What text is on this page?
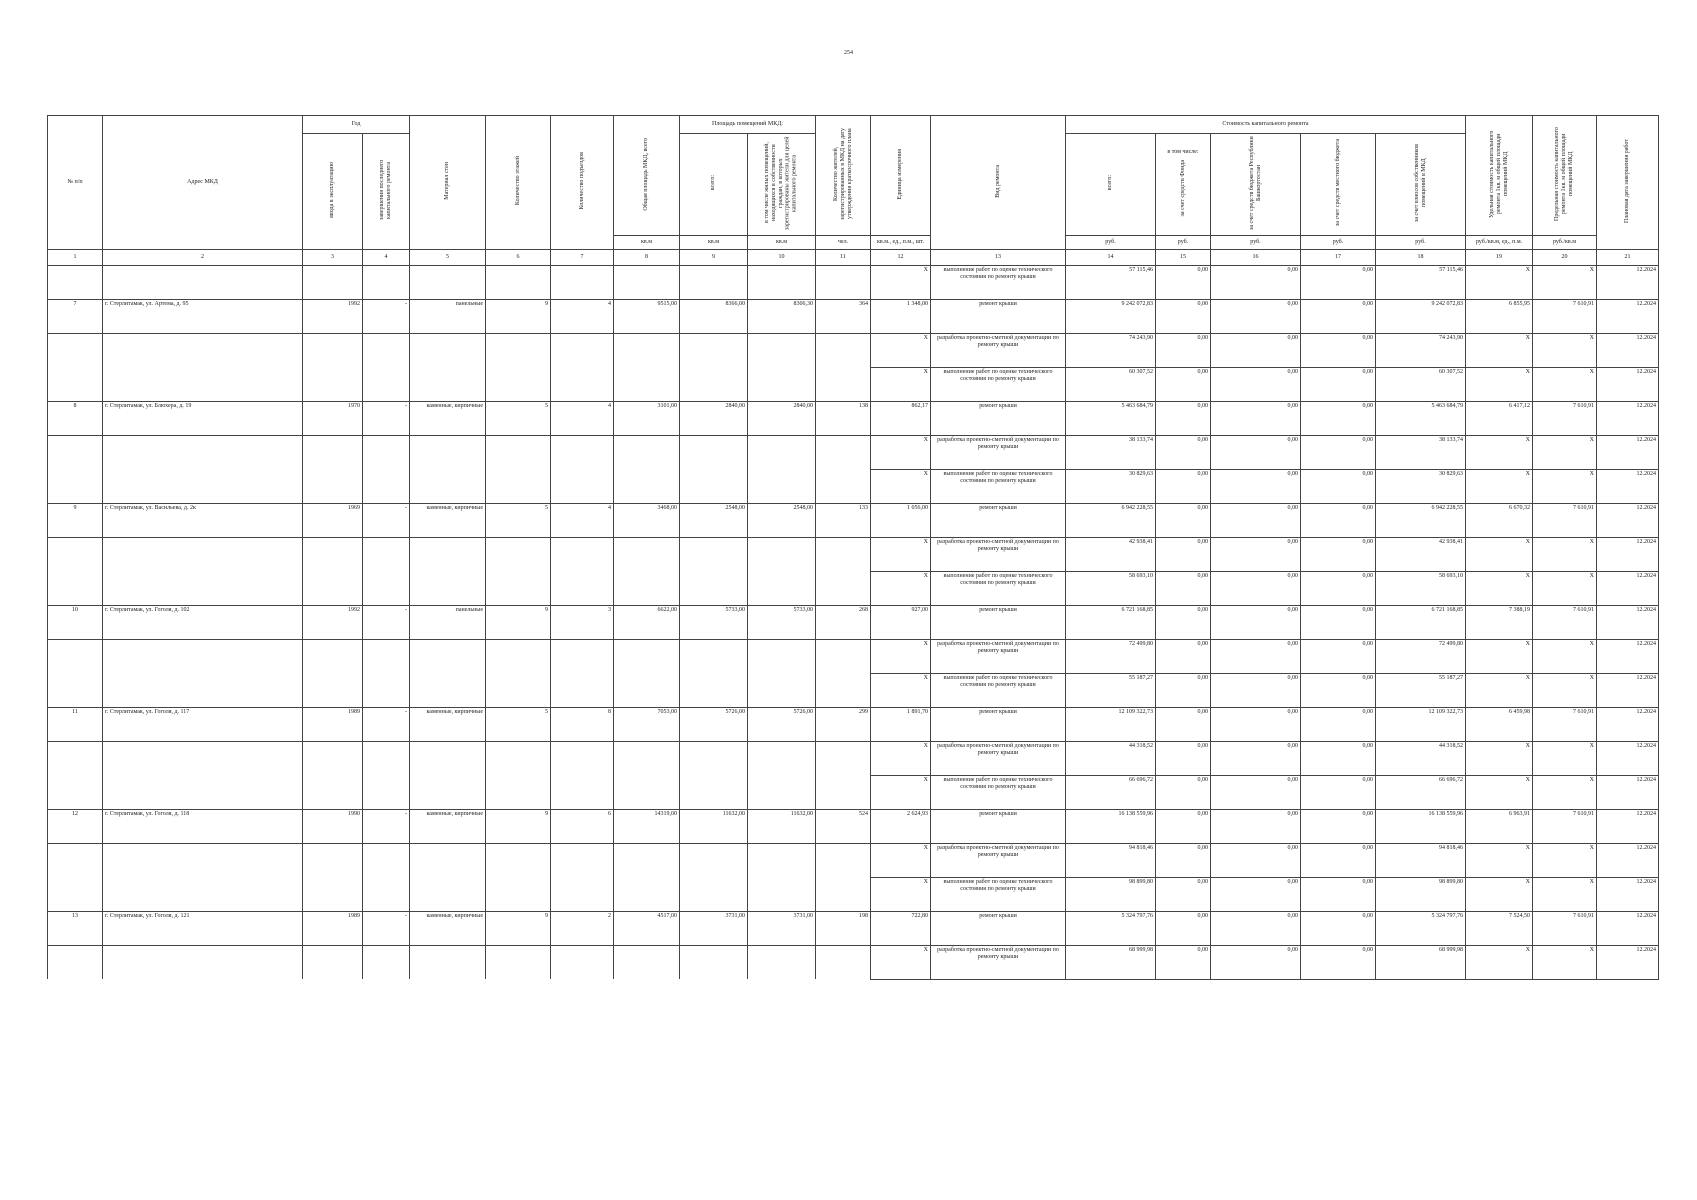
254
№ п/п	Адрес МКД	Год		Материал стен	Количество этажей	Количество подъездов	Общая площадь МКД, всего	Площадь помещений МКД:		Количество жителей, зарегистрированных в МКД на дату утверждения краткосрочного плана	Единица измерения	Вид ремонта	Стоимость капитального ремонта					Удельная стоимость капитального ремонта 1кв. м общей площади помещений МКД	Предельная стоимость капитального ремонта 1кв. м общей площади помещений МКД	Плановая дата завершения работ
		ввода в эксплуатацию	завершения последнего капитального ремонта					всего:	в том числе жилых помещений, находящихся в собственности граждан, в которых зарегистрированы жители для целей капитального ремонта				всего:	в том числе:
за счет средств Фонда	за счет средств бюджета Республики Башкортостан	за счет средств местного бюджета	за счет взносов собственников помещений в МКД			
							кв.м	кв.м	кв.м	чел.	кв.м., ед., п.м., шт.		руб.	руб.	руб.	руб.	руб.	руб./кв.м, ед., п.м.	руб./кв.м	
1	2	3	4	5	6	7	8	9	10	11	12	13	14	15	16	17	18	19	20	21
											X	выполнение работ по оценке технического состояния по ремонту крыши	57 115,46	0,00	0,00	0,00	57 115,46	X	X	12.2024
7	г. Стерлитамак, ул. Артема, д. 95	1992	-	панельные	9	4	9515,00	8366,00	8306,30	364	1 348,00	ремонт крыши	9 242 072,83	0,00	0,00	0,00	9 242 072,83	6 855,95	7 610,91	12.2024
											X	разработка проектно-сметной документации по ремонту крыши	74 243,90	0,00	0,00	0,00	74 243,90	X	X	12.2024
											X	выполнение работ по оценке технического состояния по ремонту крыши	60 307,52	0,00	0,00	0,00	60 307,52	X	X	12.2024
8	г. Стерлитамак, ул. Блюхера, д. 19	1970	-	каменные, кирпичные	5	4	3101,00	2840,00	2840,00	138	862,17	ремонт крыши	5 463 684,79	0,00	0,00	0,00	5 463 684,79	6 417,12	7 610,91	12.2024
											X	разработка проектно-сметной документации по ремонту крыши	38 133,74	0,00	0,00	0,00	38 133,74	X	X	12.2024
											X	выполнение работ по оценке технического состояния по ремонту крыши	30 829,63	0,00	0,00	0,00	30 829,63	X	X	12.2024
9	г. Стерлитамак, ул. Васильева, д. 2к	1969	-	каменные, кирпичные	5	4	3468,00	2548,00	2548,00	133	1 056,00	ремонт крыши	6 942 228,55	0,00	0,00	0,00	6 942 228,55	6 670,32	7 610,91	12.2024
											X	разработка проектно-сметной документации по ремонту крыши	42 938,41	0,00	0,00	0,00	42 938,41	X	X	12.2024
											X	выполнение работ по оценке технического состояния по ремонту крыши	58 693,10	0,00	0,00	0,00	58 693,10	X	X	12.2024
10	г. Стерлитамак, ул. Гоголя, д. 102	1992	-	панельные	9	3	6622,00	5733,00	5733,00	268	927,00	ремонт крыши	6 721 168,85	0,00	0,00	0,00	6 721 168,85	7 388,19	7 610,91	12.2024
											X	разработка проектно-сметной документации по ремонту крыши	72 499,80	0,00	0,00	0,00	72 499,80	X	X	12.2024
											X	выполнение работ по оценке технического состояния по ремонту крыши	55 187,27	0,00	0,00	0,00	55 187,27	X	X	12.2024
11	г. Стерлитамак, ул. Гоголя, д. 117	1989	-	каменные, кирпичные	5	8	7053,00	5726,00	5726,00	299	1 891,70	ремонт крыши	12 109 322,73	0,00	0,00	0,00	12 109 322,73	6 459,98	7 610,91	12.2024
											X	разработка проектно-сметной документации по ремонту крыши	44 318,52	0,00	0,00	0,00	44 318,52	X	X	12.2024
											X	выполнение работ по оценке технического состояния по ремонту крыши	66 696,72	0,00	0,00	0,00	66 696,72	X	X	12.2024
12	г. Стерлитамак, ул. Гоголя, д. 118	1990	-	каменные, кирпичные	9	6	14319,00	11632,00	11632,00	524	2 624,93	ремонт крыши	16 138 559,96	0,00	0,00	0,00	16 138 559,96	6 963,91	7 610,91	12.2024
											X	разработка проектно-сметной документации по ремонту крыши	94 818,46	0,00	0,00	0,00	94 818,46	X	X	12.2024
											X	выполнение работ по оценке технического состояния по ремонту крыши	98 899,80	0,00	0,00	0,00	98 899,80	X	X	12.2024
13	г. Стерлитамак, ул. Гоголя, д. 121	1989	-	каменные, кирпичные	9	2	4517,00	3731,00	3731,00	198	722,80	ремонт крыши	5 324 797,76	0,00	0,00	0,00	5 324 797,76	7 524,50	7 610,91	12.2024
											X	разработка проектно-сметной документации по ремонту крыши	68 999,98	0,00	0,00	0,00	68 999,98	X	X	12.2024
